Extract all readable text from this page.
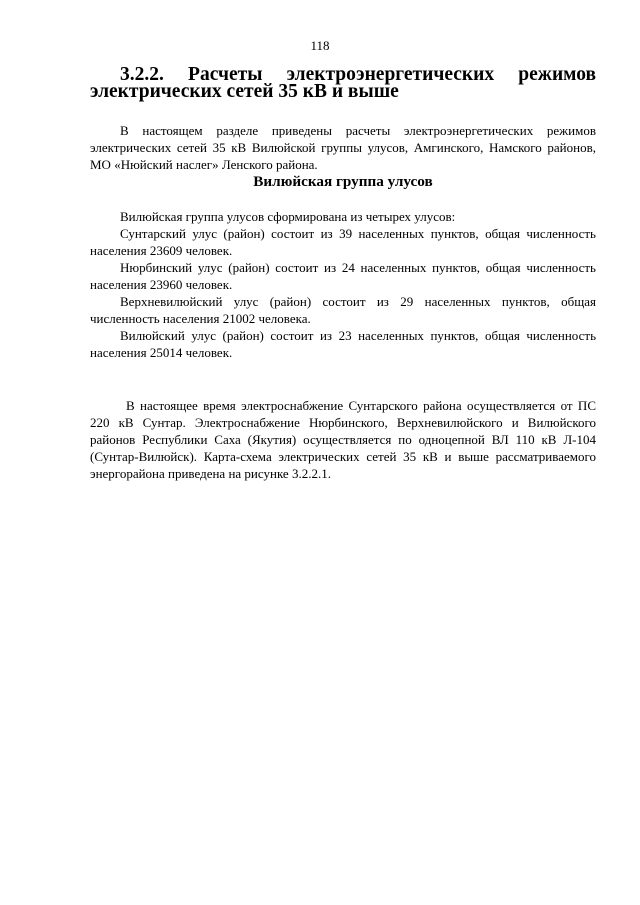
118
3.2.2. Расчеты электроэнергетических режимов электрических сетей 35 кВ и выше

В настоящем разделе приведены расчеты электроэнергетических режимов электрических сетей 35 кВ Вилюйской группы улусов, Амгинского, Намского районов, МО «Нюйский наслег» Ленского района.

Вилюйская группа улусов

Вилюйская группа улусов сформирована из четырех улусов:

Сунтарский улус (район) состоит из 39 населенных пунктов, общая численность населения 23609 человек.

Нюрбинский улус (район) состоит из 24 населенных пунктов, общая численность населения 23960 человек.

Верхневилюйский улус (район) состоит из 29 населенных пунктов, общая численность населения 21002 человека.

Вилюйский улус (район) состоит из 23 населенных пунктов, общая численность населения 25014 человек.

В настоящее время электроснабжение Сунтарского района осуществляется от ПС 220 кВ Сунтар. Электроснабжение Нюрбинского, Верхневилюйского и Вилюйского районов Республики Саха (Якутия) осуществляется по одноцепной ВЛ 110 кВ Л-104 (Сунтар-Вилюйск). Карта-схема электрических сетей 35 кВ и выше рассматриваемого энергорайона приведена на рисунке 3.2.2.1.
